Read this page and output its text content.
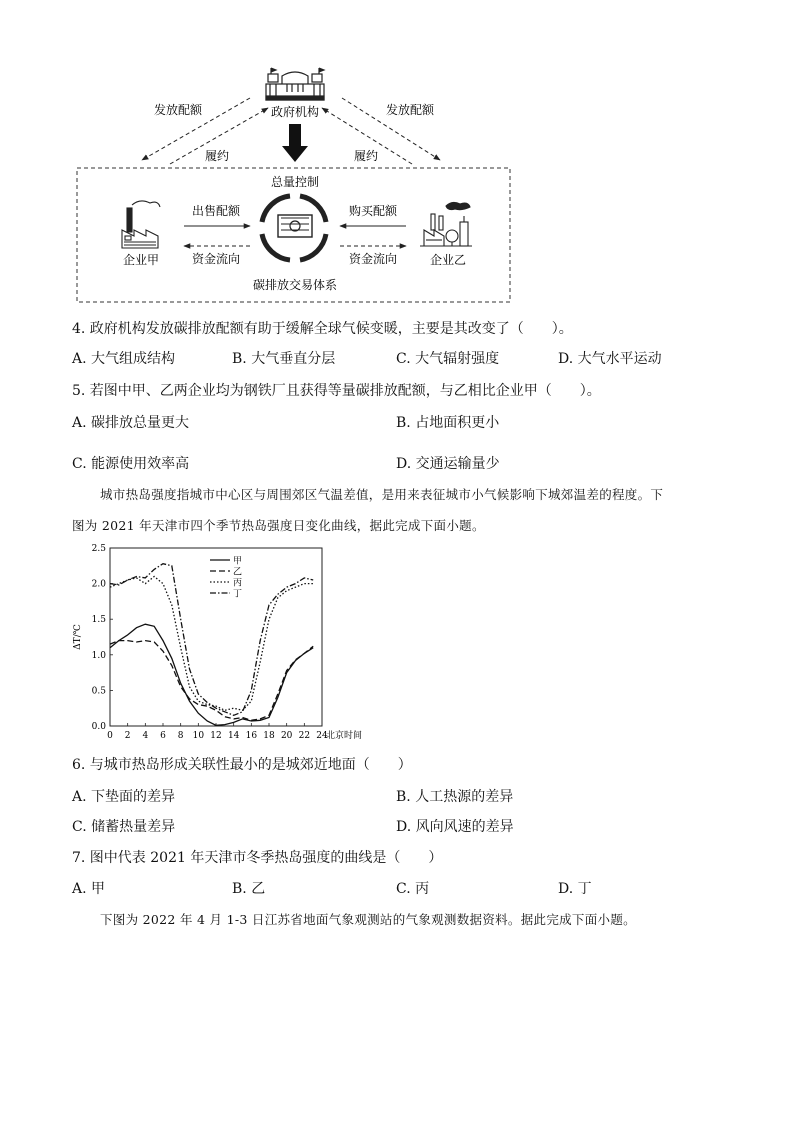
政府机构
发放配额	发放配额
履约	履约
总量控制
企业甲	企业乙
出售配额
资金流向
购买配额
资金流向
碳排放交易体系
4. 政府机构发放碳排放配额有助于缓解全球气候变暖，主要是其改变了（　　）。
A. 大气组成结构	B. 大气垂直分层	C. 大气辐射强度	D. 大气水平运动
5. 若图中甲、乙两企业均为钢铁厂且获得等量碳排放配额，与乙相比企业甲（　　）。
A. 碳排放总量更大	B. 占地面积更小
C. 能源使用效率高	D. 交通运输量少
城市热岛强度指城市中心区与周围郊区气温差值，是用来表征城市小气候影响下城郊温差的程度。下
图为 2021 年天津市四个季节热岛强度日变化曲线，据此完成下面小题。
0 2 4 6 8 10 12 14 16 18 20 22 24
0.0
0.5
1.0
1.5
2.0
2.5
北京时间
ΔT/℃
甲
乙
丙
丁
6. 与城市热岛形成关联性最小的是城郊近地面（　　）
A. 下垫面的差异	B. 人工热源的差异
C. 储蓄热量差异	D. 风向风速的差异
7. 图中代表 2021 年天津市冬季热岛强度的曲线是（　　）
A. 甲	B. 乙	C. 丙	D. 丁
下图为 2022 年 4 月 1-3 日江苏省地面气象观测站的气象观测数据资料。据此完成下面小题。
